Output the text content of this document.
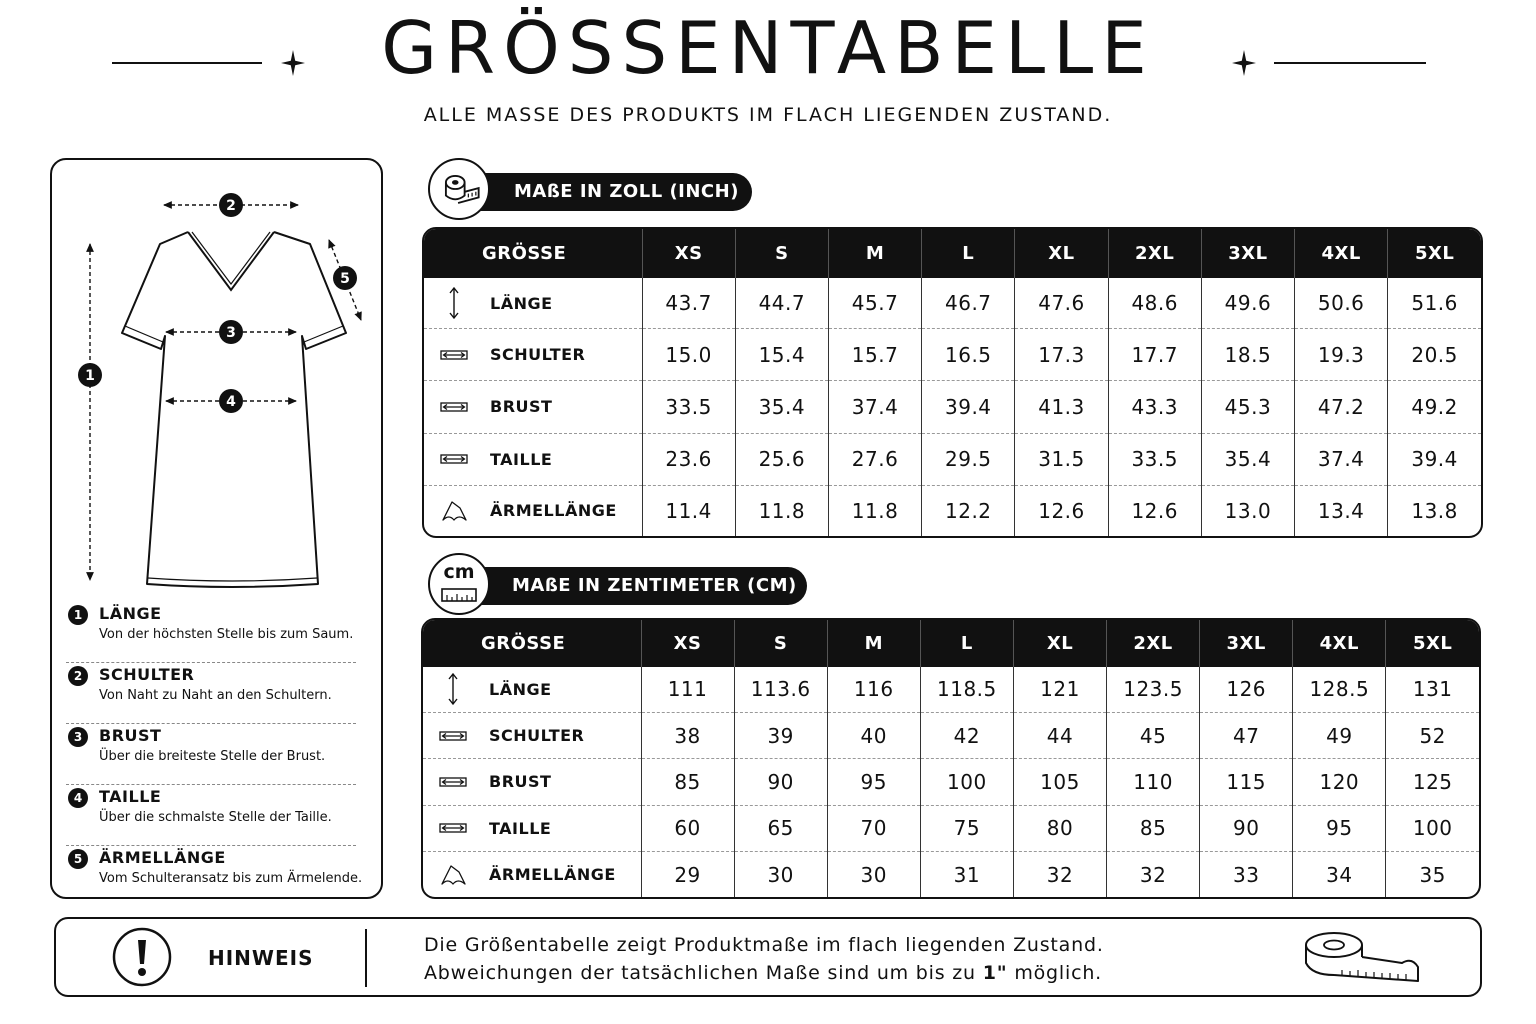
GRÖSSENTABELLE
ALLE MASSE DES PRODUKTS IM FLACH LIEGENDEN ZUSTAND.
2
1
3
4
5
1	LÄNGE
Von der höchsten Stelle bis zum Saum.
2	SCHULTER
Von Naht zu Naht an den Schultern.
3	BRUST
Über die breiteste Stelle der Brust.
4	TAILLE
Über die schmalste Stelle der Taille.
5	ÄRMELLÄNGE
Vom Schulteransatz bis zum Ärmelende.
MAßE IN ZOLL (INCH)
GRÖSSE	XS	S	M	L	XL	2XL	3XL	4XL	5XL

LÄNGE	43.7	44.7	45.7	46.7	47.6	48.6	49.6	50.6	51.6

SCHULTER	15.0	15.4	15.7	16.5	17.3	17.7	18.5	19.3	20.5

BRUST	33.5	35.4	37.4	39.4	41.3	43.3	45.3	47.2	49.2

TAILLE	23.6	25.6	27.6	29.5	31.5	33.5	35.4	37.4	39.4

ÄRMELLÄNGE	11.4	11.8	11.8	12.2	12.6	12.6	13.0	13.4	13.8
cm
MAßE IN ZENTIMETER (CM)
GRÖSSE	XS	S	M	L	XL	2XL	3XL	4XL	5XL

LÄNGE	111	113.6	116	118.5	121	123.5	126	128.5	131

SCHULTER	38	39	40	42	44	45	47	49	52

BRUST	85	90	95	100	105	110	115	120	125

TAILLE	60	65	70	75	80	85	90	95	100

ÄRMELLÄNGE	29	30	30	31	32	32	33	34	35
HINWEIS
Die Größentabelle zeigt Produktmaße im flach liegenden Zustand.
Abweichungen der tatsächlichen Maße sind um bis zu 1" möglich.
